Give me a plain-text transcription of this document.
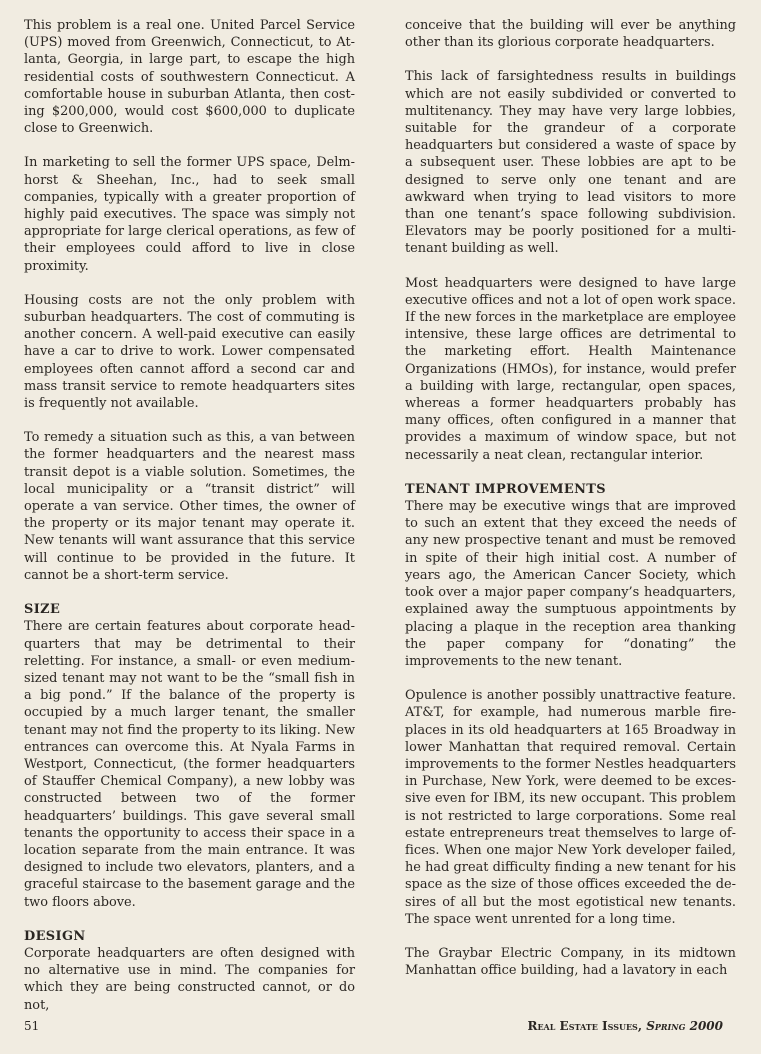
This problem is a real one. United Parcel Service (UPS) moved from Greenwich, Connecticut, to Atlanta, Georgia, in large part, to escape the high residential costs of southwestern Connecticut. A comfortable house in suburban Atlanta, then costing $200,000, would cost $600,000 to duplicate close to Greenwich.

In marketing to sell the former UPS space, Delmhorst & Sheehan, Inc., had to seek small companies, typically with a greater proportion of highly paid executives. The space was simply not appropriate for large clerical operations, as few of their employees could afford to live in close proximity.

Housing costs are not the only problem with suburban headquarters. The cost of commuting is another concern. A well-paid executive can easily have a car to drive to work. Lower compensated employees often cannot afford a second car and mass transit service to remote headquarters sites is frequently not available.

To remedy a situation such as this, a van between the former headquarters and the nearest mass transit depot is a viable solution. Sometimes, the local municipality or a “transit district” will operate a van service. Other times, the owner of the property or its major tenant may operate it. New tenants will want assurance that this service will continue to be provided in the future. It cannot be a short-term service.

SIZE

There are certain features about corporate headquarters that may be detrimental to their reletting. For instance, a small- or even medium-sized tenant may not want to be the “small fish in a big pond.” If the balance of the property is occupied by a much larger tenant, the smaller tenant may not find the property to its liking. New entrances can overcome this. At Nyala Farms in Westport, Connecticut, (the former headquarters of Stauffer Chemical Company), a new lobby was constructed between two of the former headquarters’ buildings. This gave several small tenants the opportunity to access their space in a location separate from the main entrance. It was designed to include two elevators, planters, and a graceful staircase to the basement garage and the two floors above.

DESIGN

Corporate headquarters are often designed with no alternative use in mind. The companies for which they are being constructed cannot, or do not,

conceive that the building will ever be anything other than its glorious corporate headquarters.

This lack of farsightedness results in buildings which are not easily subdivided or converted to multitenancy. They may have very large lobbies, suitable for the grandeur of a corporate headquarters but considered a waste of space by a subsequent user. These lobbies are apt to be designed to serve only one tenant and are awkward when trying to lead visitors to more than one tenant’s space following subdivision. Elevators may be poorly positioned for a multi-tenant building as well.

Most headquarters were designed to have large executive offices and not a lot of open work space. If the new forces in the marketplace are employee intensive, these large offices are detrimental to the marketing effort. Health Maintenance Organizations (HMOs), for instance, would prefer a building with large, rectangular, open spaces, whereas a former headquarters probably has many offices, often configured in a manner that provides a maximum of window space, but not necessarily a neat clean, rectangular interior.

TENANT IMPROVEMENTS

There may be executive wings that are improved to such an extent that they exceed the needs of any new prospective tenant and must be removed in spite of their high initial cost. A number of years ago, the American Cancer Society, which took over a major paper company’s headquarters, explained away the sumptuous appointments by placing a plaque in the reception area thanking the paper company for “donating” the improvements to the new tenant.

Opulence is another possibly unattractive feature. AT&T, for example, had numerous marble fireplaces in its old headquarters at 165 Broadway in lower Manhattan that required removal. Certain improvements to the former Nestles headquarters in Purchase, New York, were deemed to be excessive even for IBM, its new occupant. This problem is not restricted to large corporations. Some real estate entrepreneurs treat themselves to large offices. When one major New York developer failed, he had great difficulty finding a new tenant for his space as the size of those offices exceeded the desires of all but the most egotistical new tenants. The space went unrented for a long time.

The Graybar Electric Company, in its midtown Manhattan office building, had a lavatory in each

51	Real Estate Issues, Spring 2000
